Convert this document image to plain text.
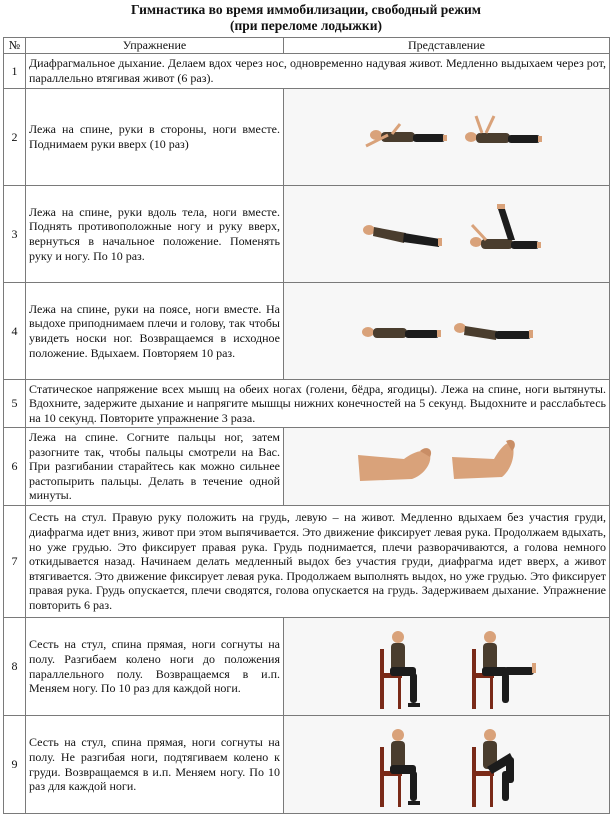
Гимнастика во время иммобилизации, свободный режим
(при переломе лодыжки)
№	Упражнение	Представление
1	Диафрагмальное дыхание. Делаем вдох через нос, одновременно надувая живот. Медленно выдыхаем через рот, параллельно втягивая живот (6 раз).	
2	Лежа на спине, руки в стороны, ноги вместе. Поднимаем руки вверх (10 раз)	

3	Лежа на спине, руки вдоль тела, ноги вместе. Поднять противоположные ногу и руку вверх, вернуться в начальное положение. Поменять руку и ногу. По 10 раз.	

4	Лежа на спине, руки на поясе, ноги вместе. На выдохе приподнимаем плечи и голову, так чтобы увидеть носки ног. Возвращаемся в исходное положение. Вдыхаем. Повторяем 10 раз.	

5	Статическое напряжение всех мышц на обеих ногах (голени, бёдра, ягодицы). Лежа на спине, ноги вытянуты. Вдохните, задержите дыхание и напрягите мышцы нижних конечностей на 5 секунд. Выдохните и расслабьтесь на 10 секунд. Повторите упражнение 3 раза.	
6	Лежа на спине. Согните пальцы ног, затем разогните так, чтобы пальцы смотрели на Вас. При разгибании старайтесь как можно сильнее растопырить пальцы. Делать в течение одной минуты.	

7	Сесть на стул. Правую руку положить на грудь, левую – на живот. Медленно вдыхаем без участия груди, диафрагма идет вниз, живот при этом выпячивается. Это движение фиксирует левая рука. Продолжаем вдыхать, но уже грудью. Это фиксирует правая рука. Грудь поднимается, плечи разворачиваются, а голова немного откидывается назад. Начинаем делать медленный выдох без участия груди, диафрагма идет вверх, а живот втягивается. Это движение фиксирует левая рука. Продолжаем выполнять выдох, но уже грудью. Это фиксирует правая рука. Грудь опускается, плечи сводятся, голова опускается на грудь. Задерживаем дыхание. Упражнение повторить 6 раз.	
8	Сесть на стул, спина прямая, ноги согнуты на полу. Разгибаем колено ноги до положения параллельного полу. Возвращаемся в и.п. Меняем ногу. По 10 раз для каждой ноги.	

9	Сесть на стул, спина прямая, ноги согнуты на полу. Не разгибая ноги, подтягиваем колено к груди. Возвращаемся в и.п. Меняем ногу. По 10 раз для каждой ноги.	
